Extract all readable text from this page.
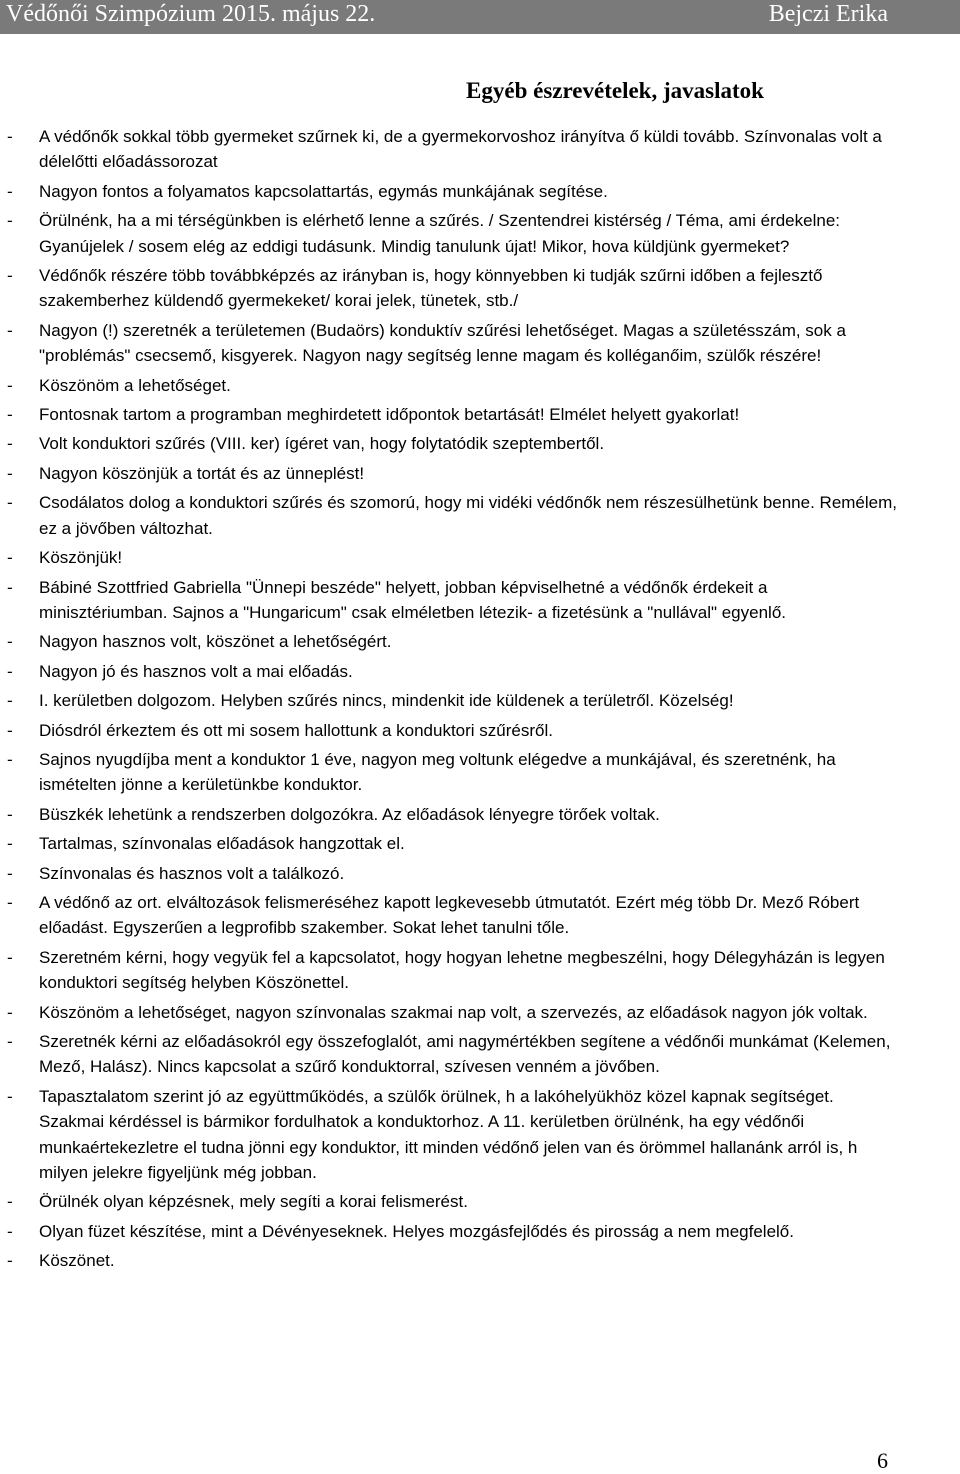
Védőnői Szimpózium 2015. május 22.	Bejczi Erika
Egyéb észrevételek, javaslatok
- A védőnők sokkal több gyermeket szűrnek ki, de a gyermekorvoshoz irányítva ő küldi tovább. Színvonalas volt a délelőtti előadássorozat
- Nagyon fontos a folyamatos kapcsolattartás, egymás munkájának segítése.
- Örülnénk, ha a mi térségünkben is elérhető lenne a szűrés. / Szentendrei kistérség / Téma, ami érdekelne: Gyanújelek / sosem elég az eddigi tudásunk. Mindig tanulunk újat! Mikor, hova küldjünk gyermeket?
- Védőnők részére több továbbképzés az irányban is, hogy könnyebben ki tudják szűrni időben a fejlesztő szakemberhez küldendő gyermekeket/ korai jelek, tünetek, stb./
- Nagyon (!) szeretnék a területemen (Budaörs) konduktív szűrési lehetőséget. Magas a születésszám, sok a "problémás" csecsemő, kisgyerek. Nagyon nagy segítség lenne magam és kolléganőim, szülők részére!
- Köszönöm a lehetőséget.
- Fontosnak tartom a programban meghirdetett időpontok betartását! Elmélet helyett gyakorlat!
- Volt konduktori szűrés (VIII. ker) ígéret van, hogy folytatódik szeptembertől.
- Nagyon köszönjük a tortát és az ünneplést!
- Csodálatos dolog a konduktori szűrés és szomorú, hogy mi vidéki védőnők nem részesülhetünk benne. Remélem, ez a jövőben változhat.
- Köszönjük!
- Bábiné Szottfried Gabriella "Ünnepi beszéde" helyett, jobban képviselhetné a védőnők érdekeit a minisztériumban. Sajnos a "Hungaricum" csak elméletben létezik- a fizetésünk a "nullával" egyenlő.
- Nagyon hasznos volt, köszönet a lehetőségért.
- Nagyon jó és hasznos volt a mai előadás.
- I. kerületben dolgozom. Helyben szűrés nincs, mindenkit ide küldenek a területről. Közelség!
- Diósdról érkeztem és ott mi sosem hallottunk a konduktori szűrésről.
- Sajnos nyugdíjba ment a konduktor 1 éve, nagyon meg voltunk elégedve a munkájával, és szeretnénk, ha ismételten jönne a kerületünkbe konduktor.
- Büszkék lehetünk a rendszerben dolgozókra. Az előadások lényegre törőek voltak.
- Tartalmas, színvonalas előadások hangzottak el.
- Színvonalas és hasznos volt a találkozó.
- A védőnő az ort. elváltozások felismeréséhez kapott legkevesebb útmutatót. Ezért még több Dr. Mező Róbert előadást. Egyszerűen a legprofibb szakember. Sokat lehet tanulni tőle.
- Szeretném kérni, hogy vegyük fel a kapcsolatot, hogy hogyan lehetne megbeszélni, hogy Délegyházán is legyen konduktori segítség helyben Köszönettel.
- Köszönöm a lehetőséget, nagyon színvonalas szakmai nap volt, a szervezés, az előadások nagyon jók voltak.
- Szeretnék kérni az előadásokról egy összefoglalót, ami nagymértékben segítene a védőnői munkámat (Kelemen, Mező, Halász). Nincs kapcsolat a szűrő konduktorral, szívesen venném a jövőben.
- Tapasztalatom szerint jó az együttműködés, a szülők örülnek, h a lakóhelyükhöz közel kapnak segítséget. Szakmai kérdéssel is bármikor fordulhatok a konduktorhoz. A 11. kerületben örülnénk, ha egy védőnői munkaértekezletre el tudna jönni egy konduktor, itt minden védőnő jelen van és örömmel hallanánk arról is, h milyen jelekre figyeljünk még jobban.
- Örülnék olyan képzésnek, mely segíti a korai felismerést.
- Olyan füzet készítése, mint a Dévényeseknek. Helyes mozgásfejlődés és pirosság a nem megfelelő.
- Köszönet.
6
